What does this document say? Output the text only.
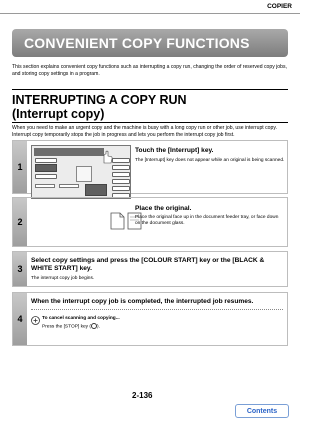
COPIER
CONVENIENT COPY FUNCTIONS

This section explains convenient copy functions such as interrupting a copy run, changing the order of reserved copy jobs, and storing copy settings in a program.

INTERRUPTING A COPY RUN
(Interrupt copy)

When you need to make an urgent copy and the machine is busy with a long copy run or other job, use interrupt copy. Interrupt copy temporarily stops the job in progress and lets you perform the interrupt copy job first.

1
Touch the [Interrupt] key.
The [Interrupt] key does not appear while an original is being scanned.
2
Place the original.
Place the original face up in the document feeder tray, or face down on the document glass.
3
Select copy settings and press the [COLOUR START] key or the [BLACK & WHITE START] key.
The interrupt copy job begins.
4
When the interrupt copy job is completed, the interrupted job resumes.
To cancel scanning and copying...
Press the [STOP] key ( ).
2-136
Contents
